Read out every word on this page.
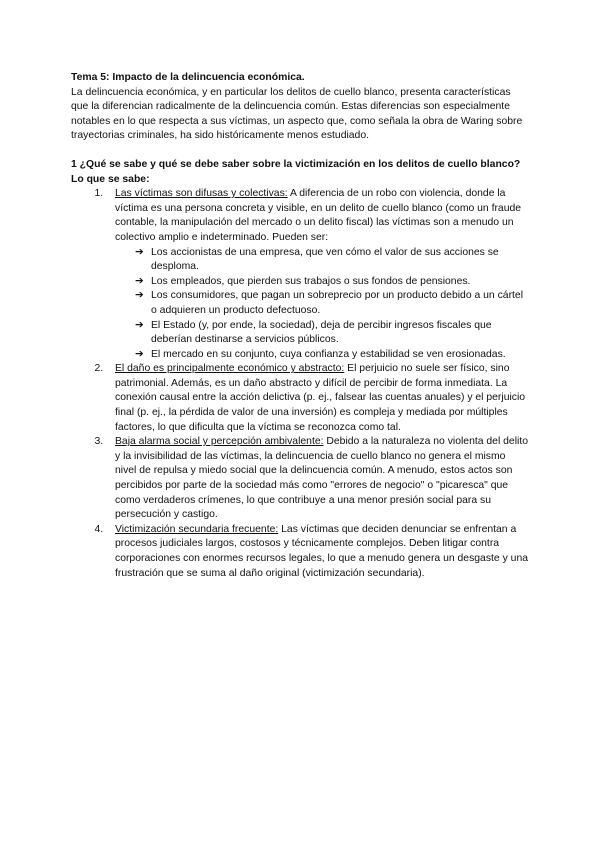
Tema 5: Impacto de la delincuencia económica.

La delincuencia económica, y en particular los delitos de cuello blanco, presenta características que la diferencian radicalmente de la delincuencia común. Estas diferencias son especialmente notables en lo que respecta a sus víctimas, un aspecto que, como señala la obra de Waring sobre trayectorias criminales, ha sido históricamente menos estudiado.

1 ¿Qué se sabe y qué se debe saber sobre la victimización en los delitos de cuello blanco?
Lo que se sabe:
1. Las víctimas son difusas y colectivas: A diferencia de un robo con violencia, donde la víctima es una persona concreta y visible, en un delito de cuello blanco (como un fraude contable, la manipulación del mercado o un delito fiscal) las víctimas son a menudo un colectivo amplio e indeterminado. Pueden ser:
➔ Los accionistas de una empresa, que ven cómo el valor de sus acciones se desploma.
➔ Los empleados, que pierden sus trabajos o sus fondos de pensiones.
➔ Los consumidores, que pagan un sobreprecio por un producto debido a un cártel o adquieren un producto defectuoso.
➔ El Estado (y, por ende, la sociedad), deja de percibir ingresos fiscales que deberían destinarse a servicios públicos.
➔ El mercado en su conjunto, cuya confianza y estabilidad se ven erosionadas.
2. El daño es principalmente económico y abstracto: El perjuicio no suele ser físico, sino patrimonial. Además, es un daño abstracto y difícil de percibir de forma inmediata. La conexión causal entre la acción delictiva (p. ej., falsear las cuentas anuales) y el perjuicio final (p. ej., la pérdida de valor de una inversión) es compleja y mediada por múltiples factores, lo que dificulta que la víctima se reconozca como tal.
3. Baja alarma social y percepción ambivalente: Debido a la naturaleza no violenta del delito y la invisibilidad de las víctimas, la delincuencia de cuello blanco no genera el mismo nivel de repulsa y miedo social que la delincuencia común. A menudo, estos actos son percibidos por parte de la sociedad más como "errores de negocio" o "picaresca" que como verdaderos crímenes, lo que contribuye a una menor presión social para su persecución y castigo.
4. Victimización secundaria frecuente: Las víctimas que deciden denunciar se enfrentan a procesos judiciales largos, costosos y técnicamente complejos. Deben litigar contra corporaciones con enormes recursos legales, lo que a menudo genera un desgaste y una frustración que se suma al daño original (victimización secundaria).
